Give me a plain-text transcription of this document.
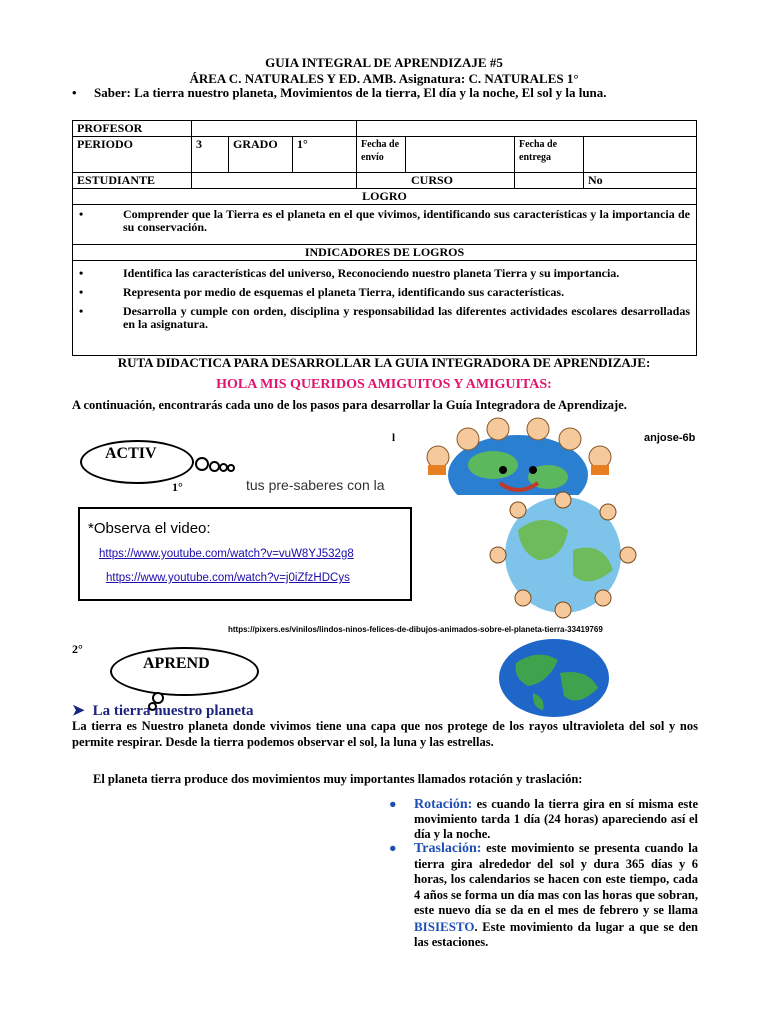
GUIA INTEGRAL DE APRENDIZAJE #5
ÁREA C. NATURALES Y ED. AMB. Asignatura: C. NATURALES 1°
Saber: La tierra nuestro planeta, Movimientos de la tierra, El día y la noche, El sol y la luna.
PROFESOR							
PERIODO	3	GRADO	1°	Fecha de envío		Fecha de entrega	
ESTUDIANTE				CURSO			No
LOGRO							

Comprender que la Tierra es el planeta en el que vivimos, identificando sus características y la importancia de su conservación.							
INDICADORES DE LOGROS							

Identifica las características del universo, Reconociendo nuestro planeta Tierra y su importancia.
Representa por medio de esquemas el planeta Tierra, identificando sus características.
Desarrolla y cumple con orden, disciplina y responsabilidad las diferentes actividades escolares desarrolladas en la asignatura.							
RUTA DIDACTICA PARA DESARROLLAR LA GUIA INTEGRADORA DE APRENDIZAJE:
HOLA MIS QUERIDOS AMIGUITOS Y AMIGUITAS:
A continuación, encontrarás cada uno de los pasos para desarrollar la Guía Integradora de Aprendizaje.
ACTIV
1°	tus pre-saberes con la
l	anjose-6b
*Observa el video:
https://www.youtube.com/watch?v=vuW8YJ532g8
https://www.youtube.com/watch?v=j0iZfzHDCys
https://pixers.es/vinilos/lindos-ninos-felices-de-dibujos-animados-sobre-el-planeta-tierra-33419769
2°
APREND
➤ La tierra nuestro planeta
La tierra es Nuestro planeta donde vivimos tiene una capa que nos protege de los rayos ultravioleta del sol y nos permite respirar. Desde la tierra podemos observar el sol, la luna y las estrellas.
El planeta tierra produce dos movimientos muy importantes llamados rotación y traslación:
● Rotación: es cuando la tierra gira en sí misma este movimiento tarda 1 día (24 horas) apareciendo así el día y la noche.
● Traslación: este movimiento se presenta cuando la tierra gira alrededor del sol y dura 365 días y 6 horas, los calendarios se hacen con este tiempo, cada 4 años se forma un día mas con las horas que sobran, este nuevo día se da en el mes de febrero y se llama BISIESTO. Este movimiento da lugar a que se den las estaciones.
